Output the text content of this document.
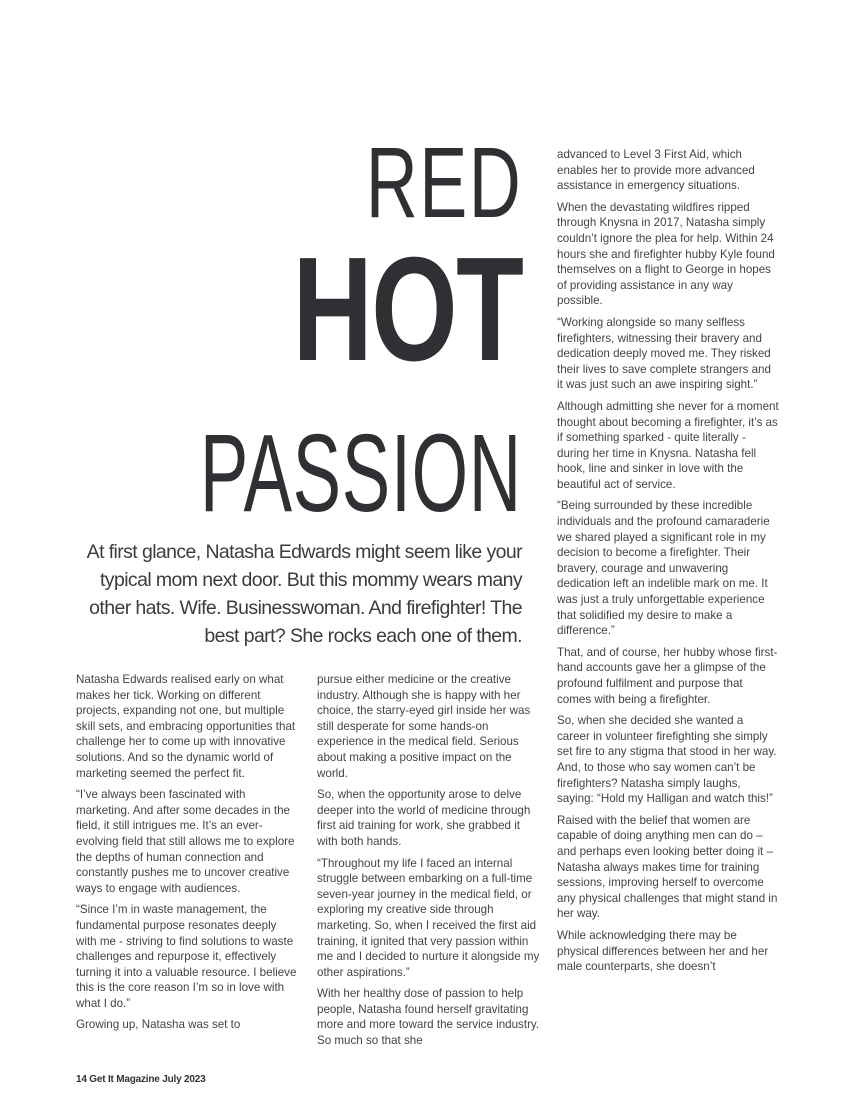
RED
HOT
PASSION
At first glance, Natasha Edwards might seem like your
typical mom next door. But this mommy wears many
other hats. Wife. Businesswoman. And firefighter! The
best part? She rocks each one of them.

Natasha Edwards realised early on what makes her tick. Working on different projects, expanding not one, but multiple skill sets, and embracing opportunities that challenge her to come up with innovative solutions. And so the dynamic world of marketing seemed the perfect fit.

“I’ve always been fascinated with marketing. And after some decades in the field, it still intrigues me. It’s an ever-evolving field that still allows me to explore the depths of human connection and constantly pushes me to uncover creative ways to engage with audiences.

“Since I’m in waste management, the fundamental purpose resonates deeply with me - striving to find solutions to waste challenges and repurpose it, effectively turning it into a valuable resource. I believe this is the core reason I’m so in love with what I do.”

Growing up, Natasha was set to

pursue either medicine or the creative industry. Although she is happy with her choice, the starry-eyed girl inside her was still desperate for some hands-on experience in the medical field. Serious about making a positive impact on the world.

So, when the opportunity arose to delve deeper into the world of medicine through first aid training for work, she grabbed it with both hands.

“Throughout my life I faced an internal struggle between embarking on a full-time seven-year journey in the medical field, or exploring my creative side through marketing. So, when I received the first aid training, it ignited that very passion within me and I decided to nurture it alongside my other aspirations.”

With her healthy dose of passion to help people, Natasha found herself gravitating more and more toward the service industry. So much so that she

advanced to Level 3 First Aid, which enables her to provide more advanced assistance in emergency situations.

When the devastating wildfires ripped through Knysna in 2017, Natasha simply couldn’t ignore the plea for help. Within 24 hours she and firefighter hubby Kyle found themselves on a flight to George in hopes of providing assistance in any way possible.

“Working alongside so many selfless firefighters, witnessing their bravery and dedication deeply moved me. They risked their lives to save complete strangers and it was just such an awe inspiring sight.”

Although admitting she never for a moment thought about becoming a firefighter, it’s as if something sparked - quite literally - during her time in Knysna. Natasha fell hook, line and sinker in love with the beautiful act of service.

“Being surrounded by these incredible individuals and the profound camaraderie we shared played a significant role in my decision to become a firefighter. Their bravery, courage and unwavering dedication left an indelible mark on me. It was just a truly unforgettable experience that solidified my desire to make a difference.”

That, and of course, her hubby whose first-hand accounts gave her a glimpse of the profound fulfilment and purpose that comes with being a firefighter.

So, when she decided she wanted a career in volunteer firefighting she simply set fire to any stigma that stood in her way. And, to those who say women can’t be firefighters? Natasha simply laughs, saying: “Hold my Halligan and watch this!”

Raised with the belief that women are capable of doing anything men can do – and perhaps even looking better doing it – Natasha always makes time for training sessions, improving herself to overcome any physical challenges that might stand in her way.

While acknowledging there may be physical differences between her and her male counterparts, she doesn’t

14 Get It Magazine July 2023
